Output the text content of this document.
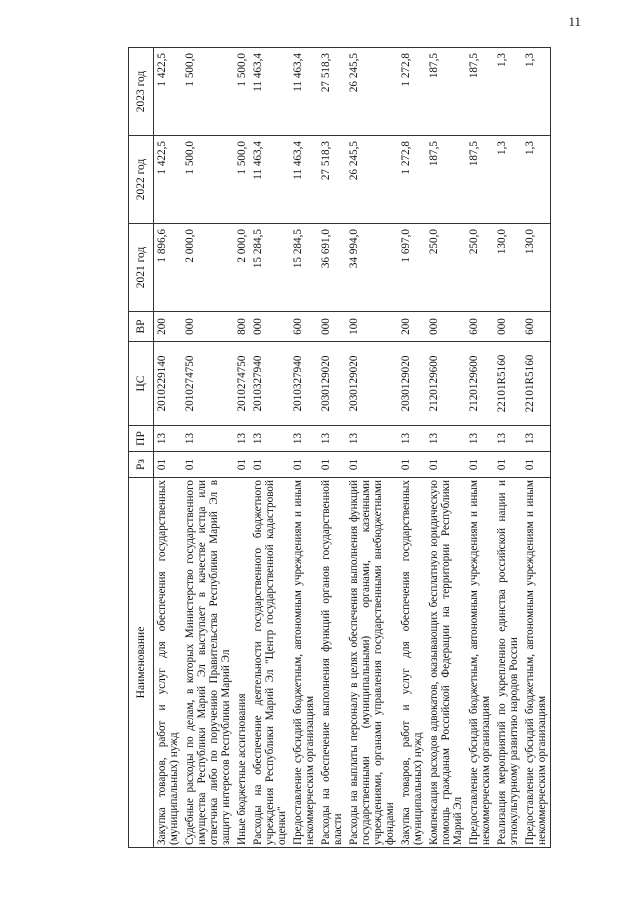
11
Наименование	Рз	ПР	ЦС	ВР	2021 год	2022 год	2023 год
Закупка товаров, работ и услуг для обеспечения государственных (муниципальных) нужд	01	13	2010229140	200	1 896,6	1 422,5	1 422,5
Судебные расходы по делам, в которых Министерство государственного имущества Республики Марий Эл выступает в качестве истца или ответчика либо по поручению Правительства Республики Марий Эл в защиту интересов Республики Марий Эл	01	13	2010274750	000	2 000,0	1 500,0	1 500,0
Иные бюджетные ассигнования	01	13	2010274750	800	2 000,0	1 500,0	1 500,0
Расходы на обеспечение деятельности государственного бюджетного учреждения Республики Марий Эл "Центр государственной кадастровой оценки"	01	13	2010327940	000	15 284,5	11 463,4	11 463,4
Предоставление субсидий бюджетным, автономным учреждениям и иным некоммерческим организациям	01	13	2010327940	600	15 284,5	11 463,4	11 463,4
Расходы на обеспечение выполнения функций органов государственной власти	01	13	2030129020	000	36 691,0	27 518,3	27 518,3
Расходы на выплаты персоналу в целях обеспечения выполнения функций государственными (муниципальными) органами, казенными учреждениями, органами управления государственными внебюджетными фондами	01	13	2030129020	100	34 994,0	26 245,5	26 245,5
Закупка товаров, работ и услуг для обеспечения государственных (муниципальных) нужд	01	13	2030129020	200	1 697,0	1 272,8	1 272,8
Компенсация расходов адвокатов, оказывающих бесплатную юридическую помощь гражданам Российской Федерации на территории Республики Марий Эл	01	13	2120129600	000	250,0	187,5	187,5
Предоставление субсидий бюджетным, автономным учреждениям и иным некоммерческим организациям	01	13	2120129600	600	250,0	187,5	187,5
Реализация мероприятий по укреплению единства российской нации и этнокультурному развитию народов России	01	13	22101R5160	000	130,0	1,3	1,3
Предоставление субсидий бюджетным, автономным учреждениям и иным некоммерческим организациям	01	13	22101R5160	600	130,0	1,3	1,3
